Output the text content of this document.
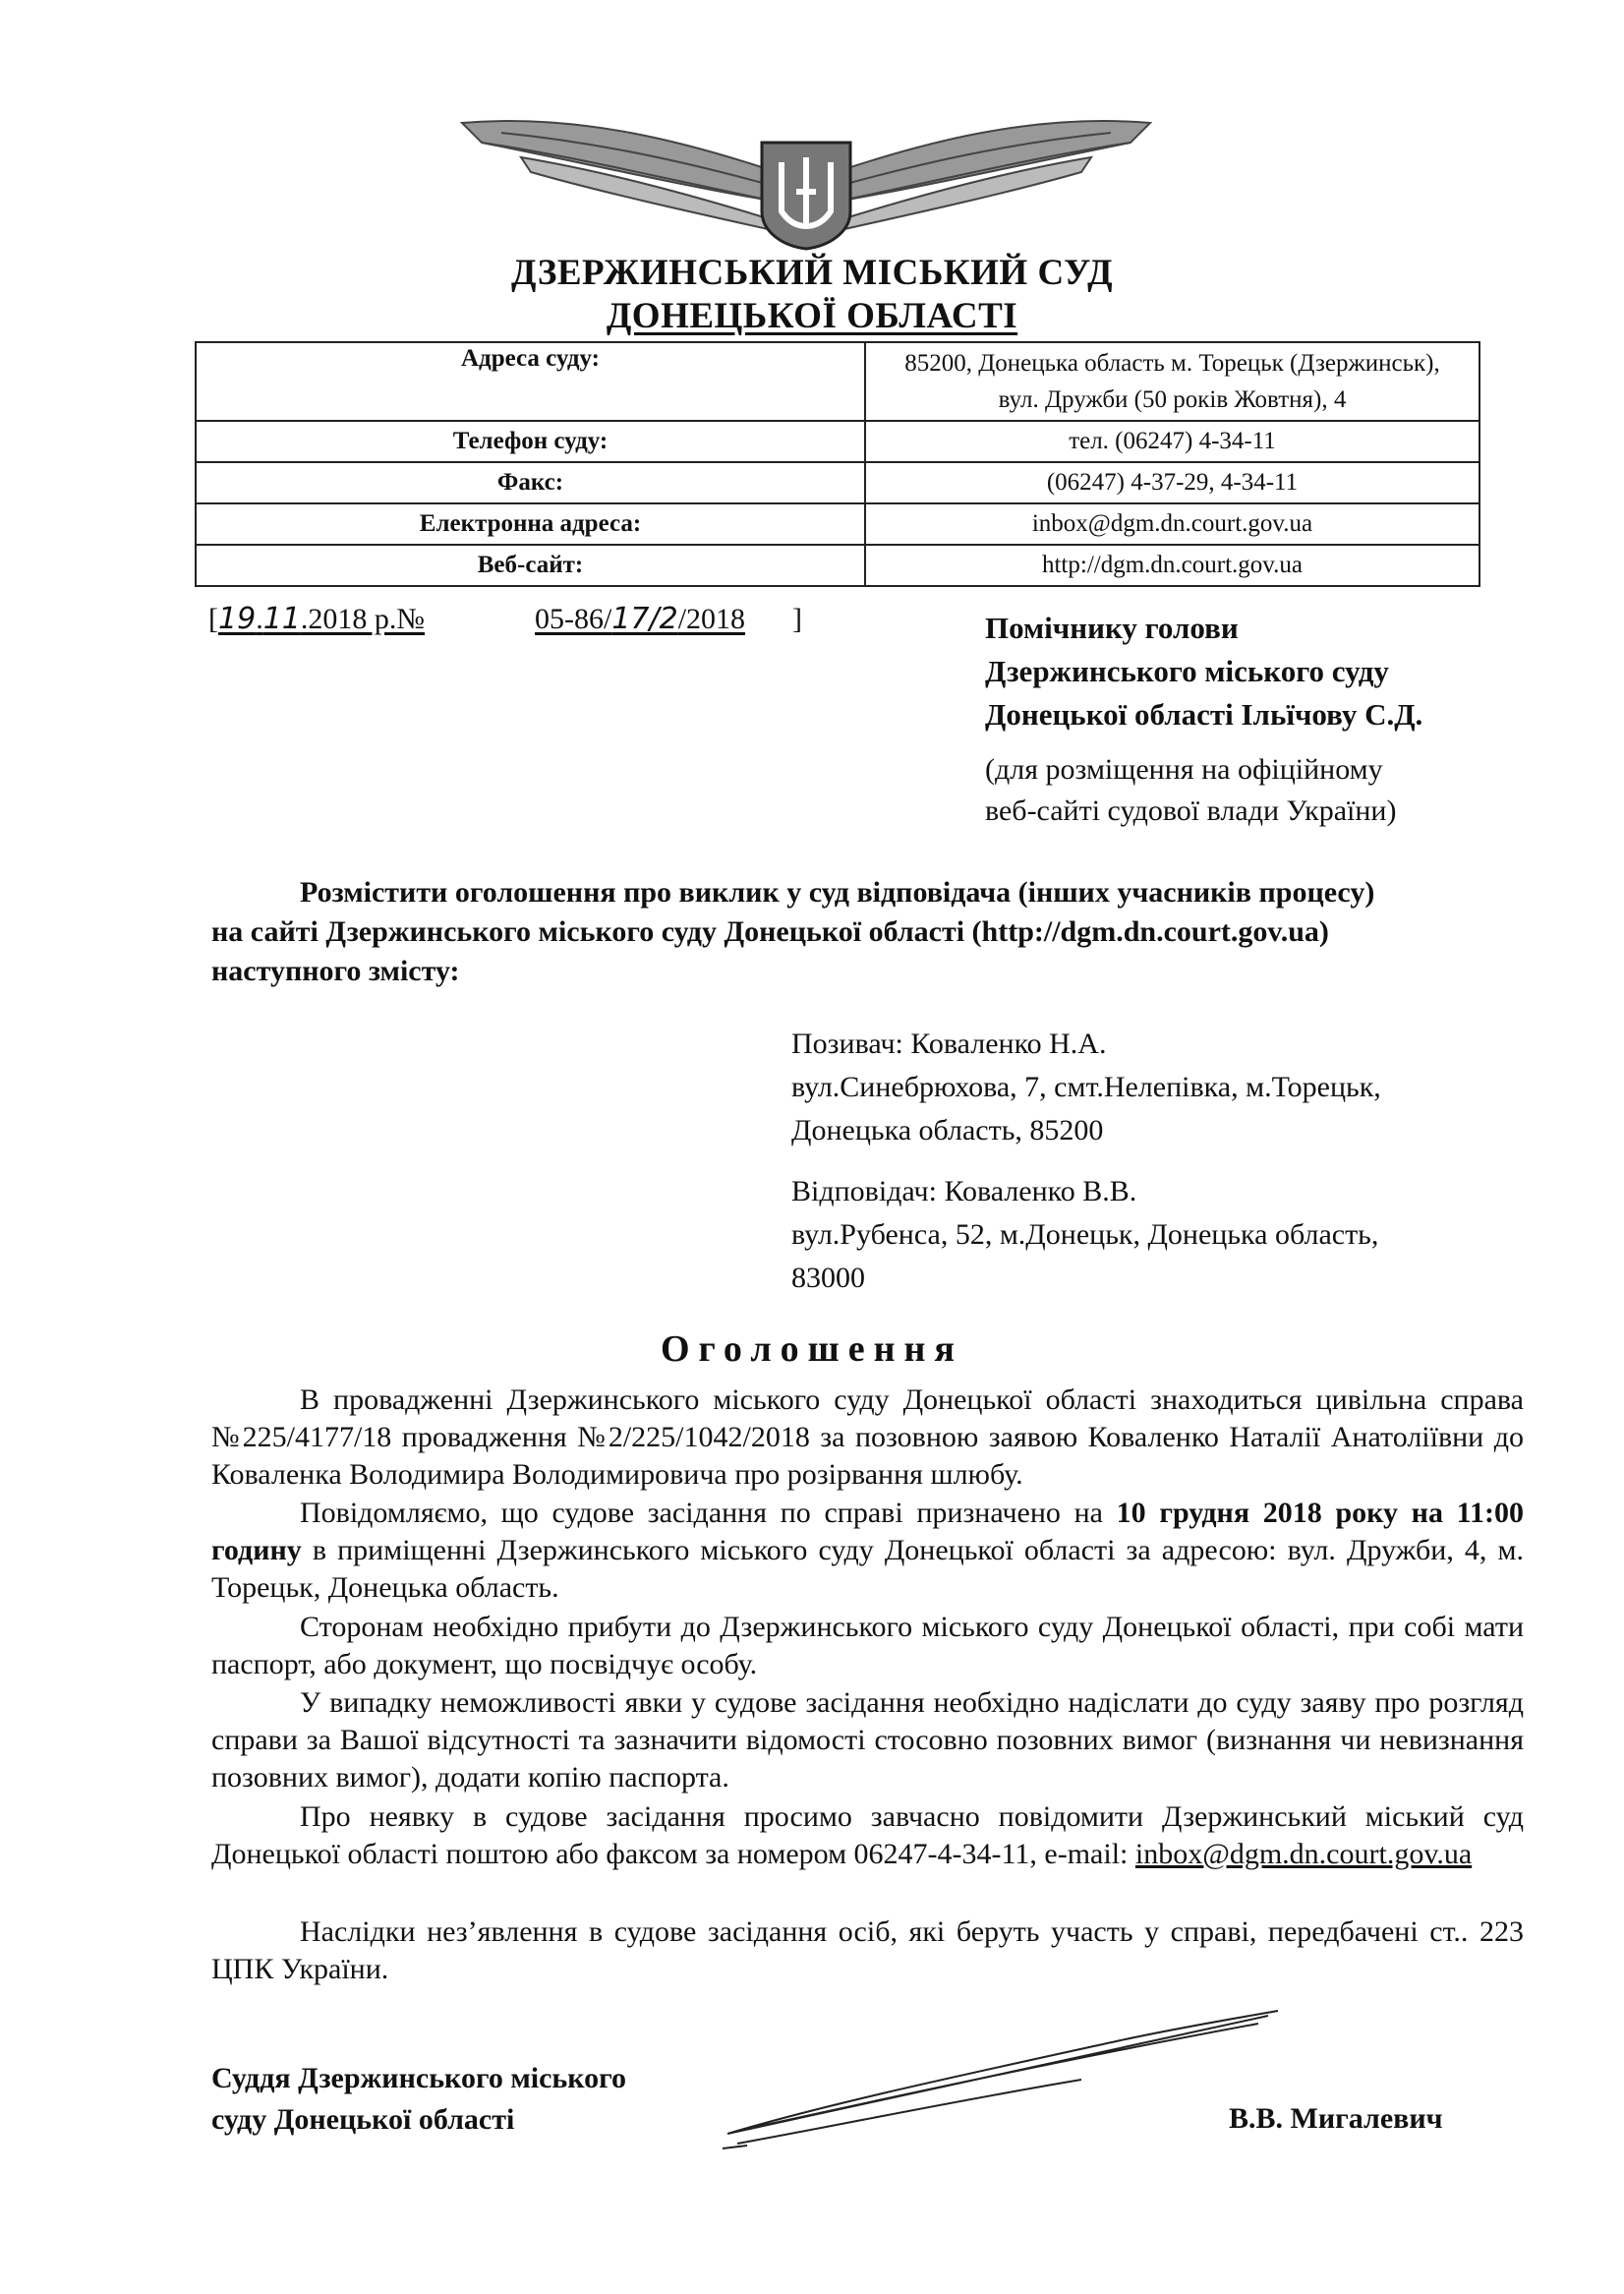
ДЗЕРЖИНСЬКИЙ МІСЬКИЙ СУД
ДОНЕЦЬКОЇ ОБЛАСТІ
Адреса суду:	85200, Донецька область м. Торецьк (Дзержинськ),
вул. Дружби (50 років Жовтня), 4

Телефон суду:	тел. (06247) 4-34-11
Факс:	(06247) 4-37-29, 4-34-11
Електронна адреса:	inbox@dgm.dn.court.gov.ua
Веб-сайт:	http://dgm.dn.court.gov.ua
[19.11.2018 р.№	05-86/17/2/2018 ]	Помічнику голови
Дзержинського міського суду
Донецької області Ільїчову С.Д.
(для розміщення на офіційному
веб-сайті судової влади України)
Розмістити оголошення про виклик у суд відповідача (інших учасників процесу)
на сайті Дзержинського міського суду Донецької області (http://dgm.dn.court.gov.ua)
наступного змісту:
Позивач: Коваленко Н.А.
вул.Синебрюхова, 7, смт.Нелепівка, м.Торецьк,
Донецька область, 85200
Відповідач: Коваленко В.В.
вул.Рубенса, 52, м.Донецьк, Донецька область,
83000
Оголошення
В провадженні Дзержинського міського суду Донецької області знаходиться цивільна справа №225/4177/18 провадження №2/225/1042/2018 за позовною заявою Коваленко Наталії Анатоліївни до Коваленка Володимира Володимировича про розірвання шлюбу.
Повідомляємо, що судове засідання по справі призначено на 10 грудня 2018 року на 11:00 годину в приміщенні Дзержинського міського суду Донецької області за адресою: вул. Дружби, 4, м. Торецьк, Донецька область.
Сторонам необхідно прибути до Дзержинського міського суду Донецької області, при собі мати паспорт, або документ, що посвідчує особу.
У випадку неможливості явки у судове засідання необхідно надіслати до суду заяву про розгляд справи за Вашої відсутності та зазначити відомості стосовно позовних вимог (визнання чи невизнання позовних вимог), додати копію паспорта.
Про неявку в судове засідання просимо завчасно повідомити Дзержинський міський суд Донецької області поштою або факсом за номером 06247-4-34-11, e-mail: inbox@dgm.dn.court.gov.ua
Наслідки нез’явлення в судове засідання осіб, які беруть участь у справі, передбачені ст.. 223 ЦПК України.
Суддя Дзержинського міського
суду Донецької області	В.В. Мигалевич
